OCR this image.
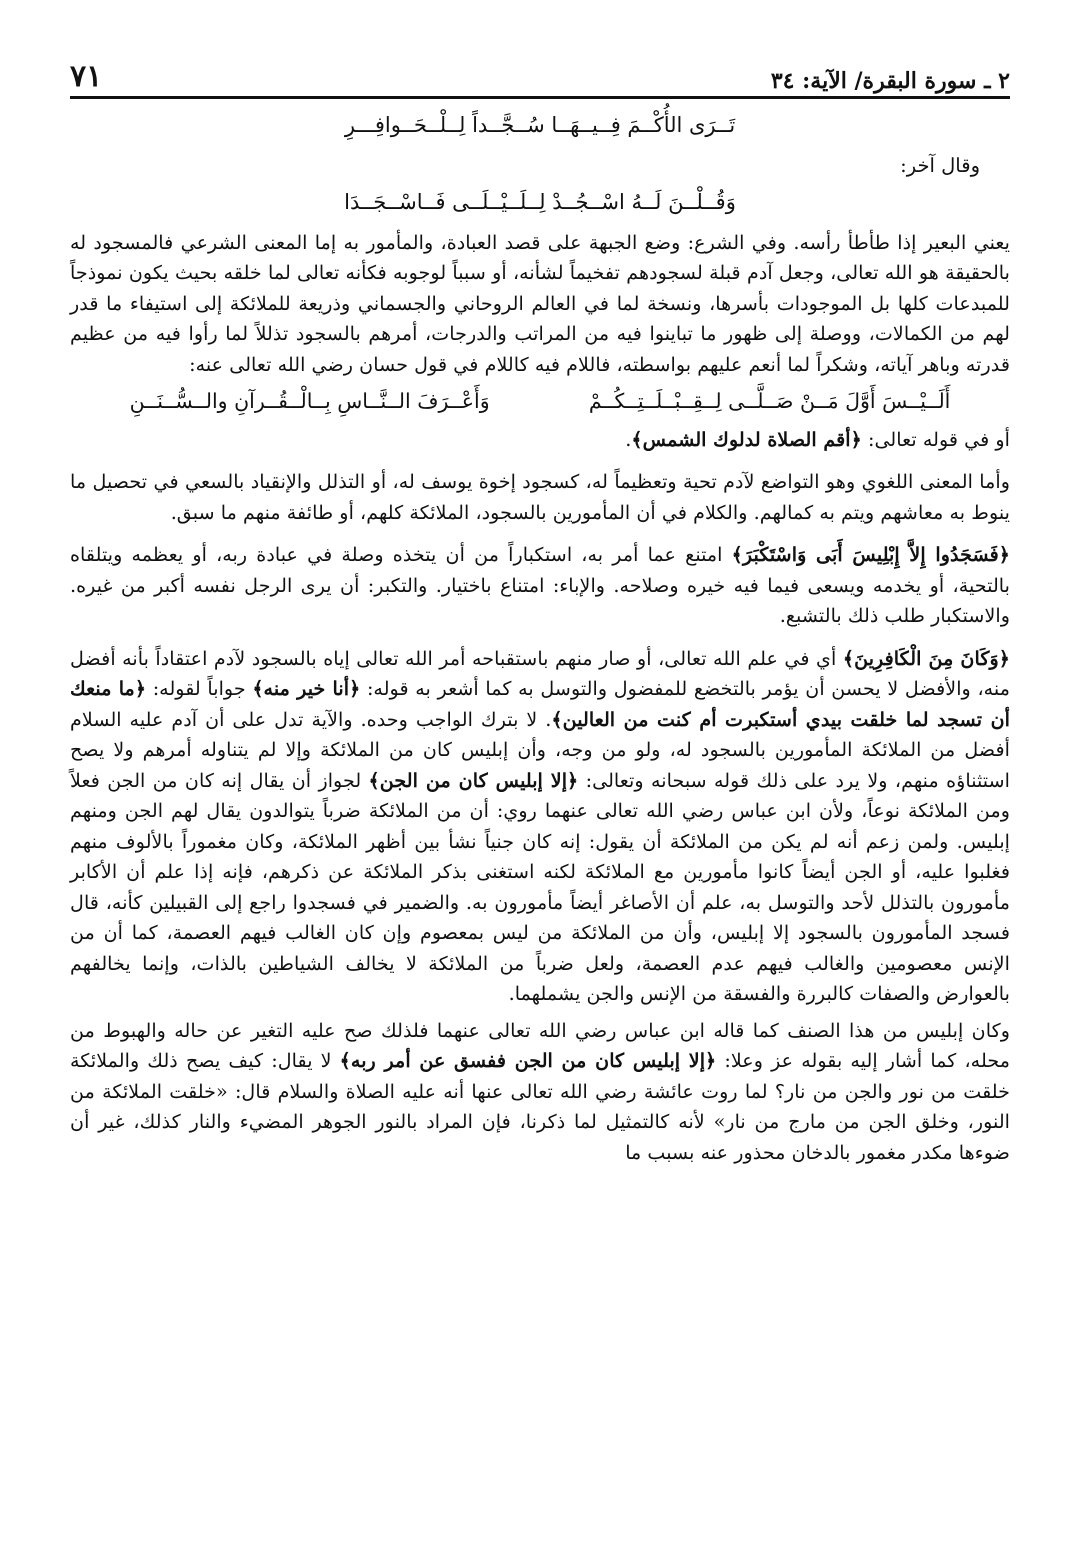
٢ ـ سورة البقرة/ الآية: ٣٤
٧١
تَــرَى الأُكْــمَ فِــيــهَــا سُــجَّــداً لِــلْــحَــوافِـــرِ
وقال آخر:
وَقُــلْــنَ لَــهُ اسْــجُــدْ لِــلَــيْــلَــى فَــاسْــجَــدَا

يعني البعير إذا طأطأ رأسه. وفي الشرع: وضع الجبهة على قصد العبادة، والمأمور به إما المعنى الشرعي فالمسجود له بالحقيقة هو الله تعالى، وجعل آدم قبلة لسجودهم تفخيماً لشأنه، أو سبباً لوجوبه فكأنه تعالى لما خلقه بحيث يكون نموذجاً للمبدعات كلها بل الموجودات بأسرها، ونسخة لما في العالم الروحاني والجسماني وذريعة للملائكة إلى استيفاء ما قدر لهم من الكمالات، ووصلة إلى ظهور ما تباينوا فيه من المراتب والدرجات، أمرهم بالسجود تذللاً لما رأوا فيه من عظيم قدرته وباهر آياته، وشكراً لما أنعم عليهم بواسطته، فاللام فيه كاللام في قول حسان رضي الله تعالى عنه:

أَلَــيْــسَ أَوَّلَ مَــنْ صَــلَّــى لِــقِــبْــلَــتِــكُــمْ
وَأَعْــرَفَ الــنَّــاسِ بِــالْــقُــرآنِ والــسُّــنَــنِ

أو في قوله تعالى: ﴿أقم الصلاة لدلوك الشمس﴾.

وأما المعنى اللغوي وهو التواضع لآدم تحية وتعظيماً له، كسجود إخوة يوسف له، أو التذلل والإنقياد بالسعي في تحصيل ما ينوط به معاشهم ويتم به كمالهم. والكلام في أن المأمورين بالسجود، الملائكة كلهم، أو طائفة منهم ما سبق.

﴿فَسَجَدُوا إِلاَّ إِبْلِيسَ أَبَى وَاسْتَكْبَرَ﴾ امتنع عما أمر به، استكباراً من أن يتخذه وصلة في عبادة ربه، أو يعظمه ويتلقاه بالتحية، أو يخدمه ويسعى فيما فيه خيره وصلاحه. والإباء: امتناع باختيار. والتكبر: أن يرى الرجل نفسه أكبر من غيره. والاستكبار طلب ذلك بالتشبع.

﴿وَكَانَ مِنَ الْكَافِرِينَ﴾ أي في علم الله تعالى، أو صار منهم باستقباحه أمر الله تعالى إياه بالسجود لآدم اعتقاداً بأنه أفضل منه، والأفضل لا يحسن أن يؤمر بالتخضع للمفضول والتوسل به كما أشعر به قوله: ﴿أنا خير منه﴾ جواباً لقوله: ﴿ما منعك أن تسجد لما خلقت بيدي أستكبرت أم كنت من العالين﴾. لا بترك الواجب وحده. والآية تدل على أن آدم عليه السلام أفضل من الملائكة المأمورين بالسجود له، ولو من وجه، وأن إبليس كان من الملائكة وإلا لم يتناوله أمرهم ولا يصح استثناؤه منهم، ولا يرد على ذلك قوله سبحانه وتعالى: ﴿إلا إبليس كان من الجن﴾ لجواز أن يقال إنه كان من الجن فعلاً ومن الملائكة نوعاً، ولأن ابن عباس رضي الله تعالى عنهما روي: أن من الملائكة ضرباً يتوالدون يقال لهم الجن ومنهم إبليس. ولمن زعم أنه لم يكن من الملائكة أن يقول: إنه كان جنياً نشأ بين أظهر الملائكة، وكان مغموراً بالألوف منهم فغلبوا عليه، أو الجن أيضاً كانوا مأمورين مع الملائكة لكنه استغنى بذكر الملائكة عن ذكرهم، فإنه إذا علم أن الأكابر مأمورون بالتذلل لأحد والتوسل به، علم أن الأصاغر أيضاً مأمورون به. والضمير في فسجدوا راجع إلى القبيلين كأنه، قال فسجد المأمورون بالسجود إلا إبليس، وأن من الملائكة من ليس بمعصوم وإن كان الغالب فيهم العصمة، كما أن من الإنس معصومين والغالب فيهم عدم العصمة، ولعل ضرباً من الملائكة لا يخالف الشياطين بالذات، وإنما يخالفهم بالعوارض والصفات كالبررة والفسقة من الإنس والجن يشملهما.

وكان إبليس من هذا الصنف كما قاله ابن عباس رضي الله تعالى عنهما فلذلك صح عليه التغير عن حاله والهبوط من محله، كما أشار إليه بقوله عز وعلا: ﴿إلا إبليس كان من الجن ففسق عن أمر ربه﴾ لا يقال: كيف يصح ذلك والملائكة خلقت من نور والجن من نار؟ لما روت عائشة رضي الله تعالى عنها أنه عليه الصلاة والسلام قال: «خلقت الملائكة من النور، وخلق الجن من مارج من نار» لأنه كالتمثيل لما ذكرنا، فإن المراد بالنور الجوهر المضيء والنار كذلك، غير أن ضوءها مكدر مغمور بالدخان محذور عنه بسبب ما
